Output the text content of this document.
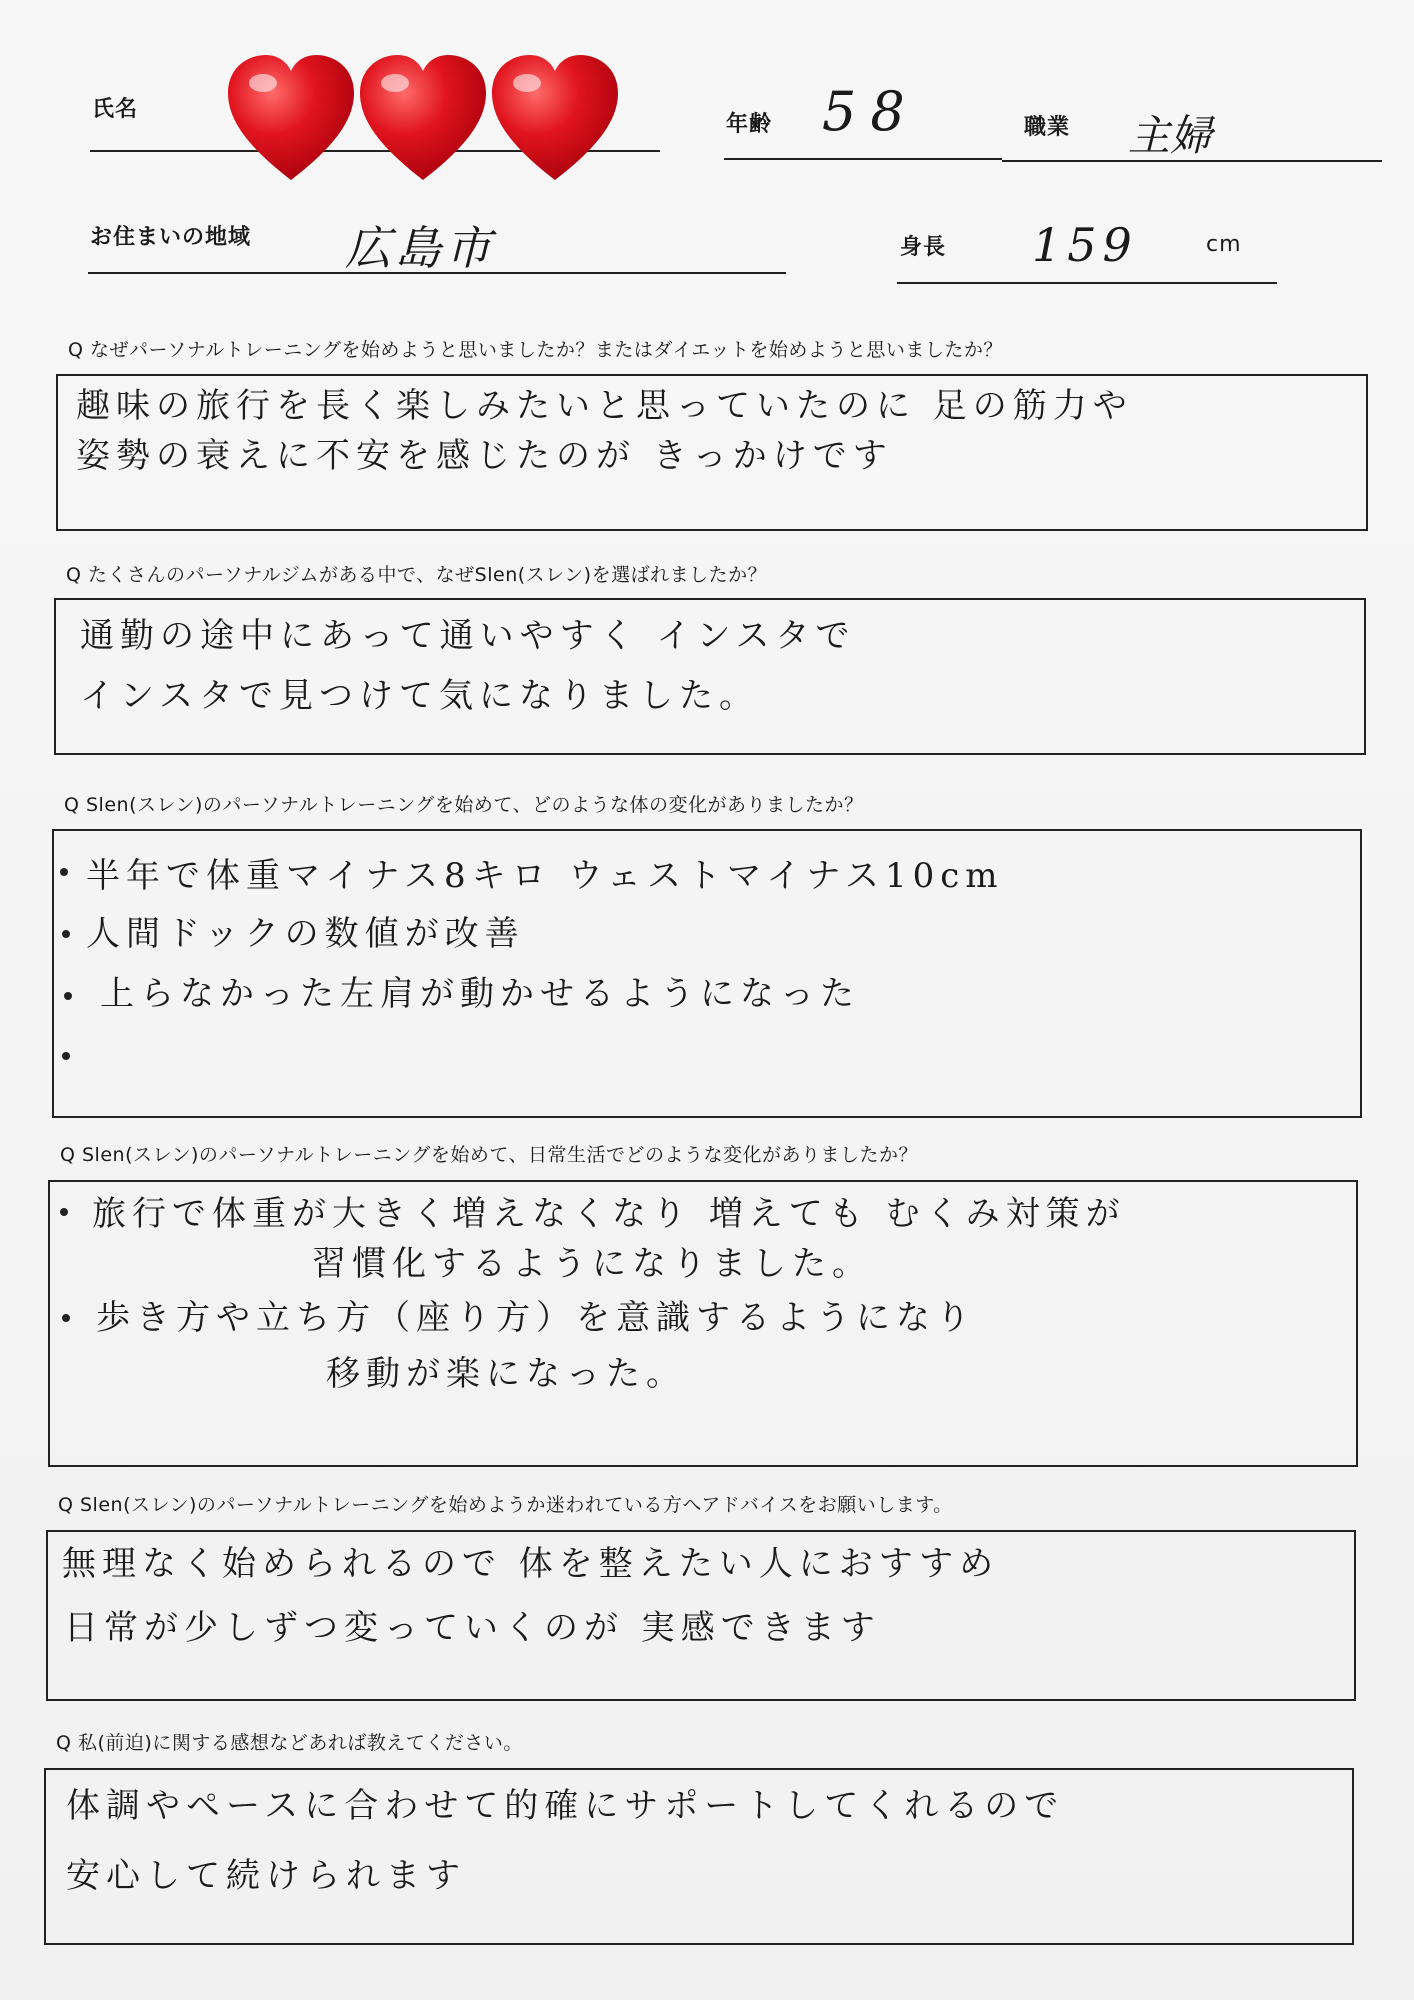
氏名
年齢 58	職業 主婦
お住まいの地域 広島市	身長 159	cm
Q なぜパーソナルトレーニングを始めようと思いましたか？またはダイエットを始めようと思いましたか？
趣味の旅行を長く楽しみたいと思っていたのに 足の筋力や
姿勢の衰えに不安を感じたのが きっかけです
Q たくさんのパーソナルジムがある中で、なぜSlen(スレン)を選ばれましたか？
通勤の途中にあって通いやすく インスタで
インスタで見つけて気になりました。
Q Slen(スレン)のパーソナルトレーニングを始めて、どのような体の変化がありましたか？
半年で体重マイナス8キロ ウェストマイナス10cm
人間ドックの数値が改善
上らなかった左肩が動かせるようになった
Q Slen(スレン)のパーソナルトレーニングを始めて、日常生活でどのような変化がありましたか？
旅行で体重が大きく増えなくなり 増えても むくみ対策が
習慣化するようになりました。
歩き方や立ち方（座り方）を意識するようになり
移動が楽になった。
Q Slen(スレン)のパーソナルトレーニングを始めようか迷われている方へアドバイスをお願いします。
無理なく始められるので 体を整えたい人におすすめ
日常が少しずつ変っていくのが 実感できます
Q 私(前迫)に関する感想などあれば教えてください。
体調やペースに合わせて的確にサポートしてくれるので
安心して続けられます
